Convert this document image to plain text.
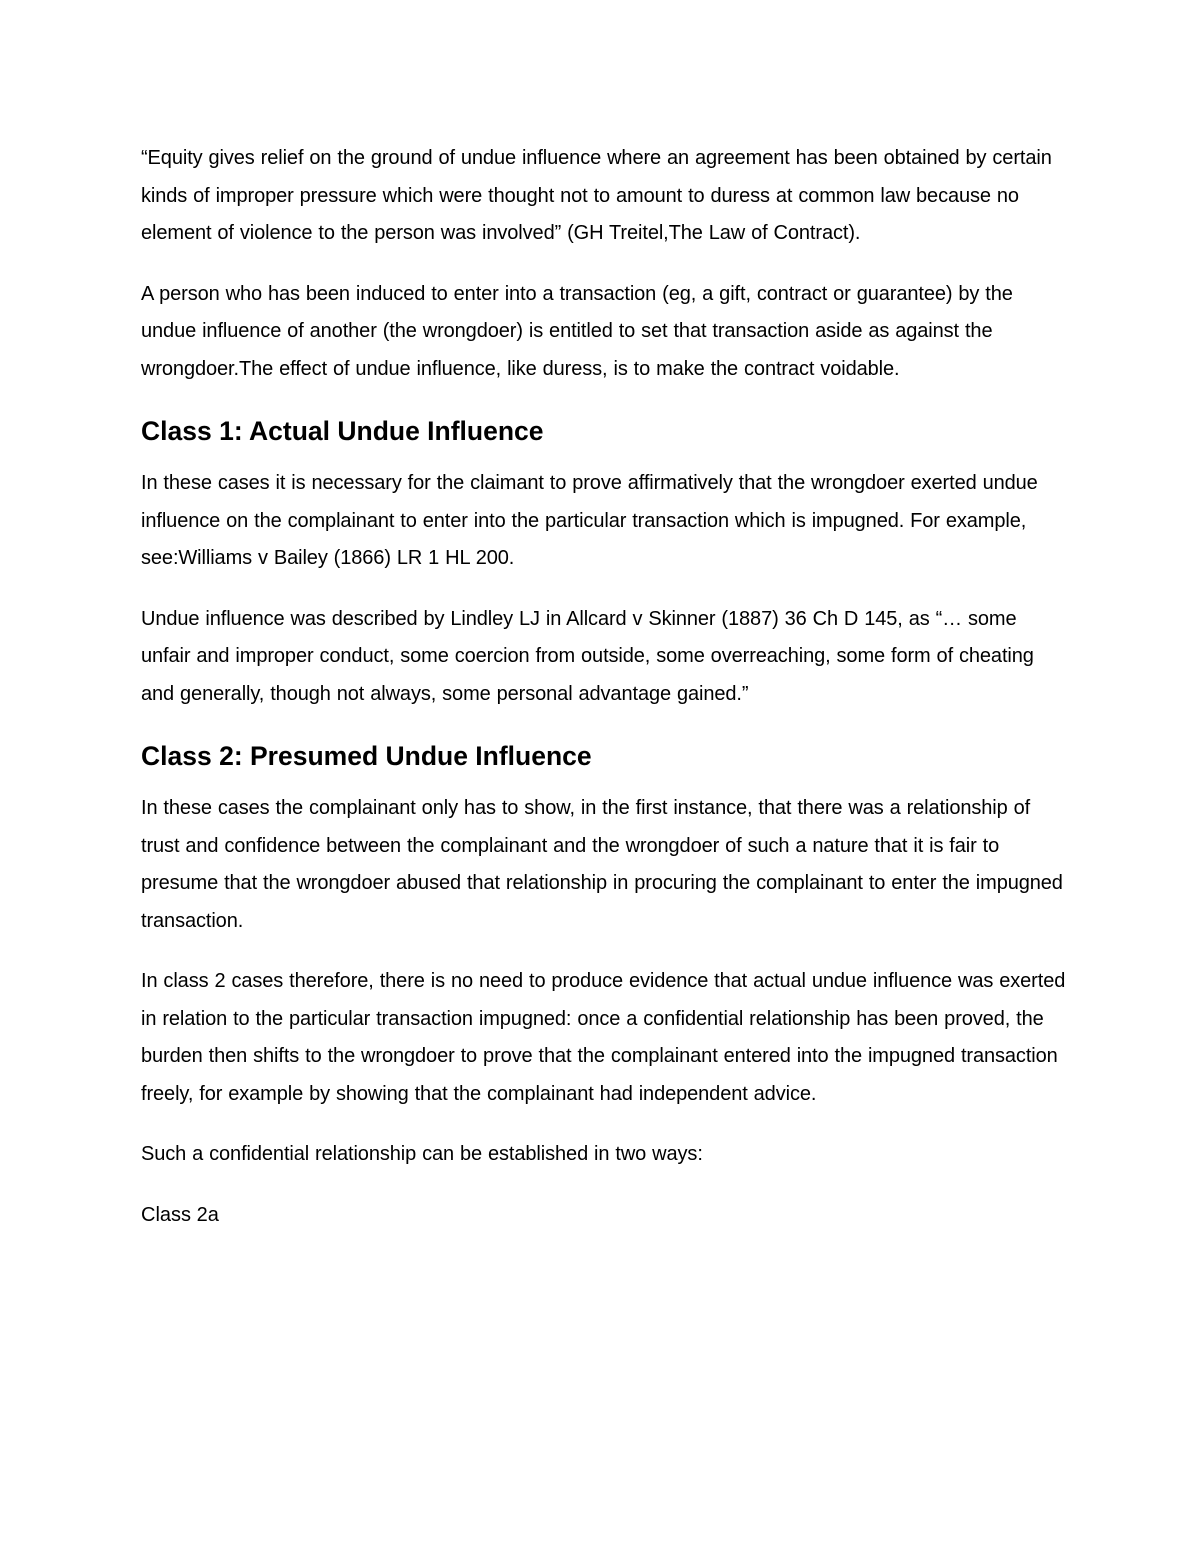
“Equity gives relief on the ground of undue influence where an agreement has been obtained by certain kinds of improper pressure which were thought not to amount to duress at common law because no element of violence to the person was involved” (GH Treitel,The Law of Contract).

A person who has been induced to enter into a transaction (eg, a gift, contract or guarantee) by the undue influence of another (the wrongdoer) is entitled to set that transaction aside as against the wrongdoer.The effect of undue influence, like duress, is to make the contract voidable.

Class 1: Actual Undue Influence

In these cases it is necessary for the claimant to prove affirmatively that the wrongdoer exerted undue influence on the complainant to enter into the particular transaction which is impugned. For example, see:Williams v Bailey (1866) LR 1 HL 200.

Undue influence was described by Lindley LJ in Allcard v Skinner (1887) 36 Ch D 145, as “… some unfair and improper conduct, some coercion from outside, some overreaching, some form of cheating and generally, though not always, some personal advantage gained.”

Class 2: Presumed Undue Influence

In these cases the complainant only has to show, in the first instance, that there was a relationship of trust and confidence between the complainant and the wrongdoer of such a nature that it is fair to presume that the wrongdoer abused that relationship in procuring the complainant to enter the impugned transaction.

In class 2 cases therefore, there is no need to produce evidence that actual undue influence was exerted in relation to the particular transaction impugned: once a confidential relationship has been proved, the burden then shifts to the wrongdoer to prove that the complainant entered into the impugned transaction freely, for example by showing that the complainant had independent advice.

Such a confidential relationship can be established in two ways:

Class 2a
